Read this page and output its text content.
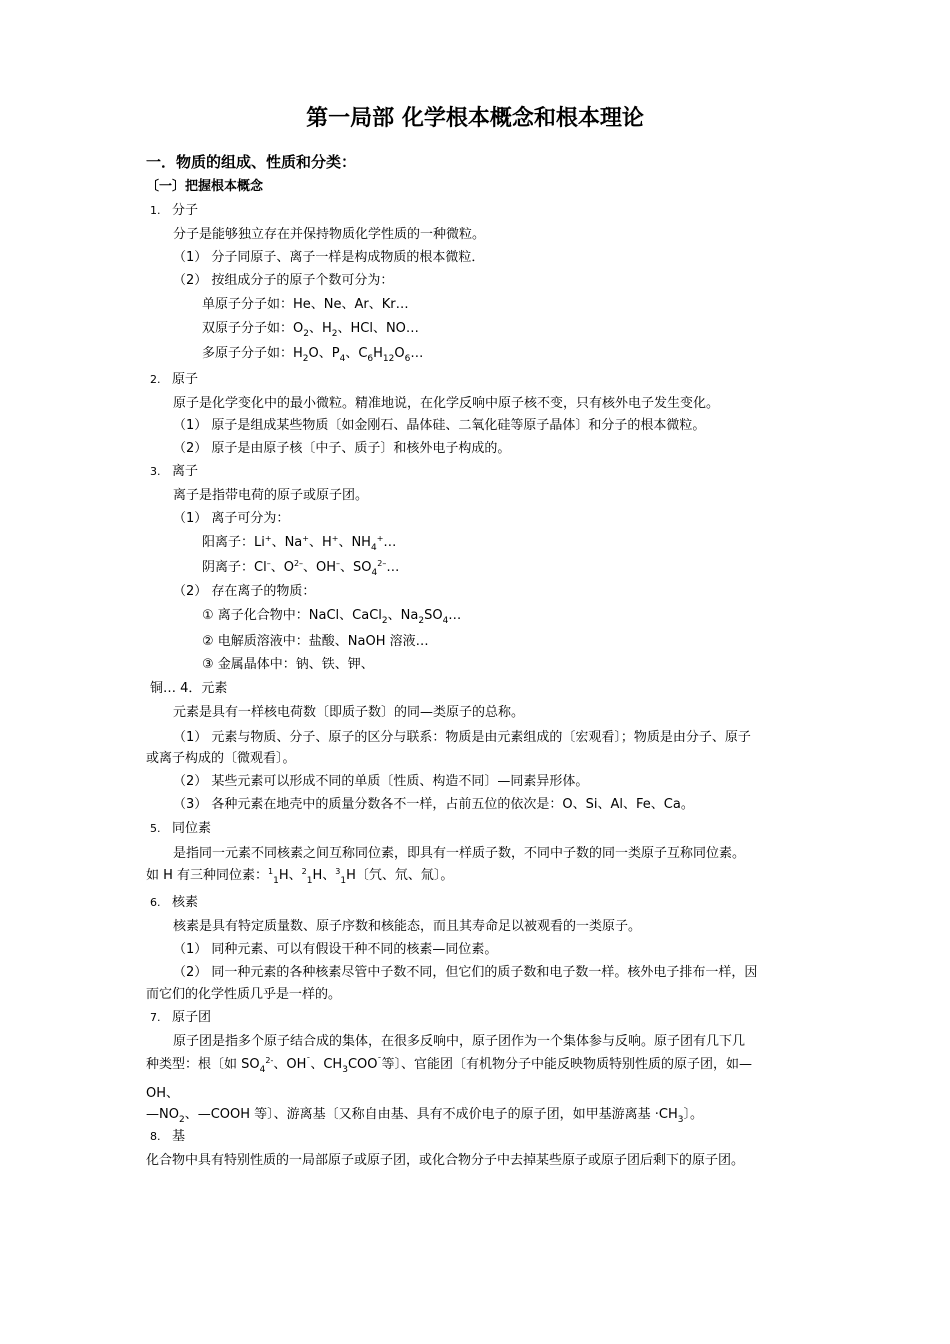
第一局部 化学根本概念和根本理论
一．物质的组成、性质和分类：
〔一〕把握根本概念
1. 分子
分子是能够独立存在并保持物质化学性质的一种微粒。
（1） 分子同原子、离子一样是构成物质的根本微粒．
（2） 按组成分子的原子个数可分为：
单原子分子如：He、Ne、Ar、Kr…
双原子分子如：$O_2$、$H_2$、HCl、NO…
多原子分子如：$H_2O$、$P_4$、$C_6H_{12}O_6\dots$
2. 原子
原子是化学变化中的最小微粒。精准地说，在化学反响中原子核不变，只有核外电子发生变化。
（1） 原子是组成某些物质〔如金刚石、晶体硅、二氧化硅等原子晶体〕和分子的根本微粒。
（2） 原子是由原子核〔中子、质子〕和核外电子构成的。
3. 离子
离子是指带电荷的原子或原子团。
（1） 离子可分为：
阳离子：Li+、Na+、H+、$NH_4^+\dots$
阴离子：Cl–、$O^{2-}$、OH–、$SO_4^{2-}\dots$
（2） 存在离子的物质：
① 离子化合物中：NaCl、CaCl$_2$、$Na_2SO_4\dots$
② 电解质溶液中：盐酸、NaOH 溶液…
③ 金属晶体中：钠、铁、钾、
铜… 4．元素
元素是具有一样核电荷数〔即质子数〕的同—类原子的总称。
（1） 元素与物质、分子、原子的区分与联系：物质是由元素组成的〔宏观看〕；物质是由分子、原子
或离子构成的〔微观看〕。
（2） 某些元素可以形成不同的单质〔性质、构造不同〕—同素异形体。
（3） 各种元素在地壳中的质量分数各不一样，占前五位的依次是：O、Si、Al、Fe、Ca。
5. 同位素
是指同一元素不同核素之间互称同位素，即具有一样质子数，不同中子数的同一类原子互称同位素。
如 H 有三种同位素：$^1_1$H、$^2_1$H、$^3_1$H〔氕、氘、氚〕。
6. 核素
核素是具有特定质量数、原子序数和核能态，而且其寿命足以被观看的一类原子。
（1） 同种元素、可以有假设干种不同的核素—同位素。
（2） 同一种元素的各种核素尽管中子数不同，但它们的质子数和电子数一样。核外电子排布一样，因
而它们的化学性质几乎是一样的。
7. 原子团
原子团是指多个原子结合成的集体，在很多反响中，原子团作为一个集体参与反响。原子团有几下几
种类型：根〔如 $SO_4^{2-}$、$OH^ˉ$、$CH_3COO^ˉ$等〕、官能团〔有机物分子中能反映物质特别性质的原子团，如—
OH、
$—NO_2$、—COOH 等〕、游离基〔又称自由基、具有不成价电子的原子团，如甲基游离基 $\cdot CH_3$〕。
8. 基
化合物中具有特别性质的一局部原子或原子团，或化合物分子中去掉某些原子或原子团后剩下的原子团。
